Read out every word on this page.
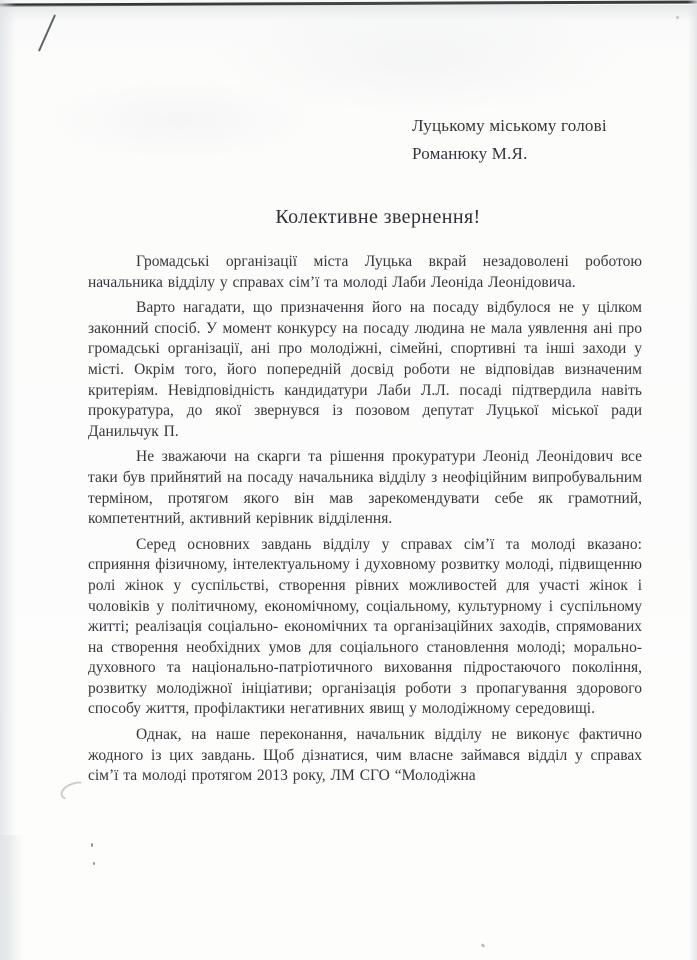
Луцькому міському голові
Романюку М.Я.
Колективне звернення!

Громадські організації міста Луцька вкрай незадоволені роботою начальника відділу у справах сім’ї та молоді Лаби Леоніда Леонідовича.

Варто нагадати, що призначення його на посаду відбулося не у цілком законний спосіб. У момент конкурсу на посаду людина не мала уявлення ані про громадські організації, ані про молодіжні, сімейні, спортивні та інші заходи у місті. Окрім того, його попередній досвід роботи не відповідав визначеним критеріям. Невідповідність кандидатури Лаби Л.Л. посаді підтвердила навіть прокуратура, до якої звернувся із позовом депутат Луцької міської ради Данильчук П.

Не зважаючи на скарги та рішення прокуратури Леонід Леонідович все таки був прийнятий на посаду начальника відділу з неофіційним випробувальним терміном, протягом якого він мав зарекомендувати себе як грамотний, компетентний, активний керівник відділення.

Серед основних завдань відділу у справах сім’ї та молоді вказано: сприяння фізичному, інтелектуальному і духовному розвитку молоді, підвищенню ролі жінок у суспільстві, створення рівних можливостей для участі жінок і чоловіків у політичному, економічному, соціальному, культурному і суспільному житті; реалізація соціально- економічних та організаційних заходів, спрямованих на створення необхідних умов для соціального становлення молоді; морально-духовного та національно-патріотичного виховання підростаючого покоління, розвитку молодіжної ініціативи; організація роботи з пропагування здорового способу життя, профілактики негативних явищ у молодіжному середовищі.

Однак, на наше переконання, начальник відділу не виконує фактично жодного із цих завдань. Щоб дізнатися, чим власне займався відділ у справах сім’ї та молоді протягом 2013 року, ЛМ СГО “Молодіжна
